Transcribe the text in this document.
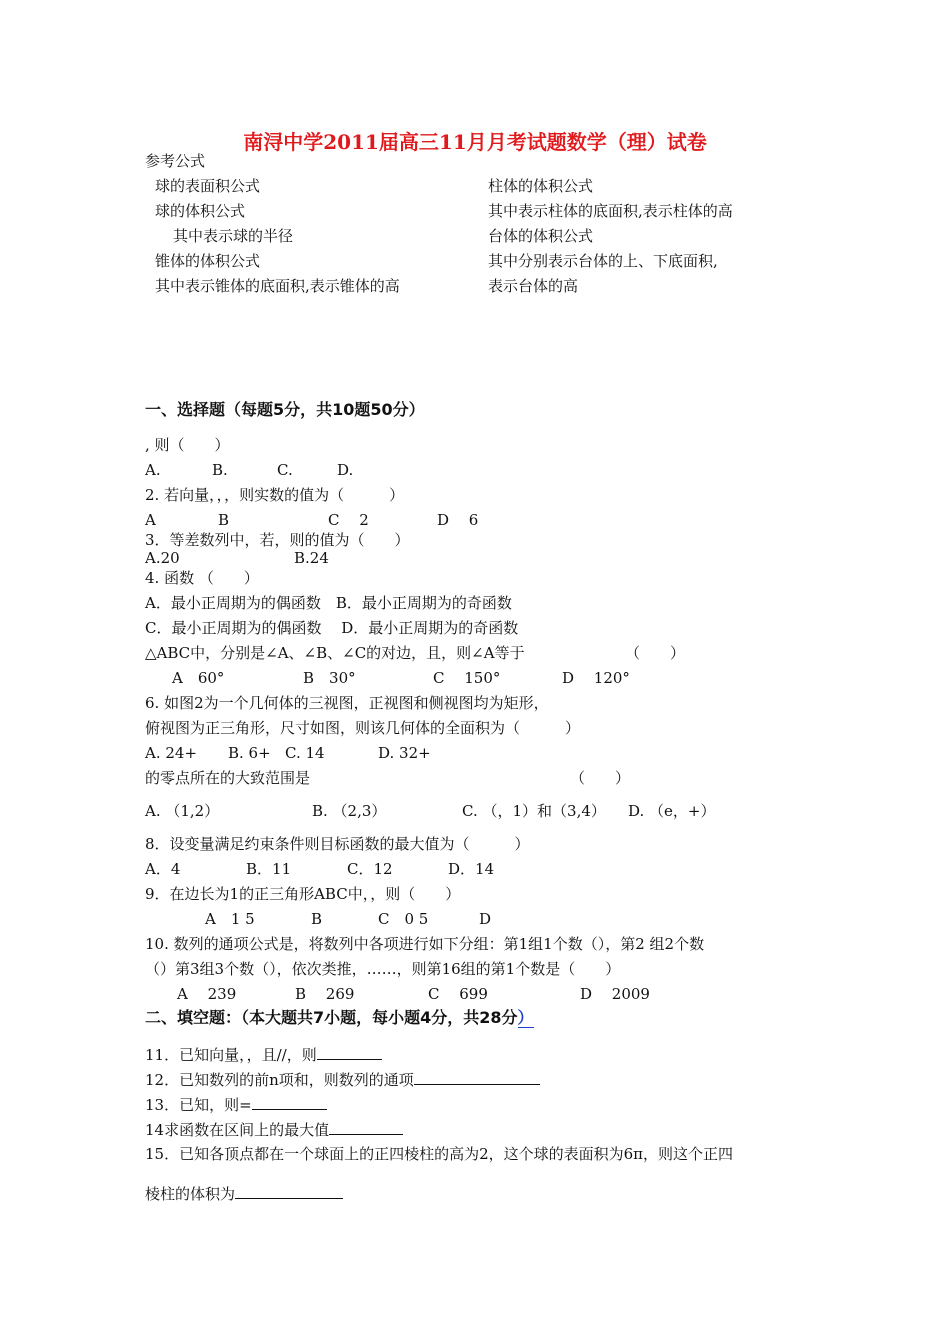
南浔中学2011届高三11月月考试题数学（理）试卷
参考公式
球的表面积公式
球的体积公式
其中表示球的半径
锥体的体积公式
其中表示锥体的底面积,表示锥体的高
柱体的体积公式
其中表示柱体的底面积,表示柱体的高
台体的体积公式
其中分别表示台体的上、下底面积,
表示台体的高
一、选择题（每题5分，共10题50分）
, 则（　　）
A.	B.	C.	D.
2. 若向量，，，则实数的值为（　　　）
A	B	C　 2	D　 6
3．等差数列中，若，则的值为（　　）
A.20	B.24
4. 函数 （　　）
A．最小正周期为的偶函数　B．最小正周期为的奇函数
C．最小正周期为的偶函数　 D．最小正周期为的奇函数
△ABC中，分别是∠A、∠B、∠C的对边，且，则∠A等于	（　　）
A　60°	B　30°	C　 150°	D　 120°
6. 如图2为一个几何体的三视图，正视图和侧视图均为矩形，
俯视图为正三角形，尺寸如图，则该几何体的全面积为（　　　）
A. 24+ B. 6+ C. 14	D. 32+
的零点所在的大致范围是	（　　）
A. （1,2）	B. （2,3）	C. （，1）和（3,4） D. （e，+）
8．设变量满足约束条件则目标函数的最大值为（　　　）
A．4	B．11	C．12	D．14
9．在边长为1的正三角形ABC中，，则（　　）
A　1 5	B	C　0 5	D
10. 数列的通项公式是，将数列中各项进行如下分组：第1组1个数（），第2 组2个数
（）第3组3个数（），依次类推，……，则第16组的第1个数是（　　）
A　 239	B　 269	C　 699	D　 2009
二、填空题：（本大题共7小题，每小题4分，共28分）
11．已知向量，，且//，则
12．已知数列的前n项和，则数列的通项
13．已知，则=
14求函数在区间上的最大值
15．已知各顶点都在一个球面上的正四棱柱的高为2，这个球的表面积为6π，则这个正四
棱柱的体积为
